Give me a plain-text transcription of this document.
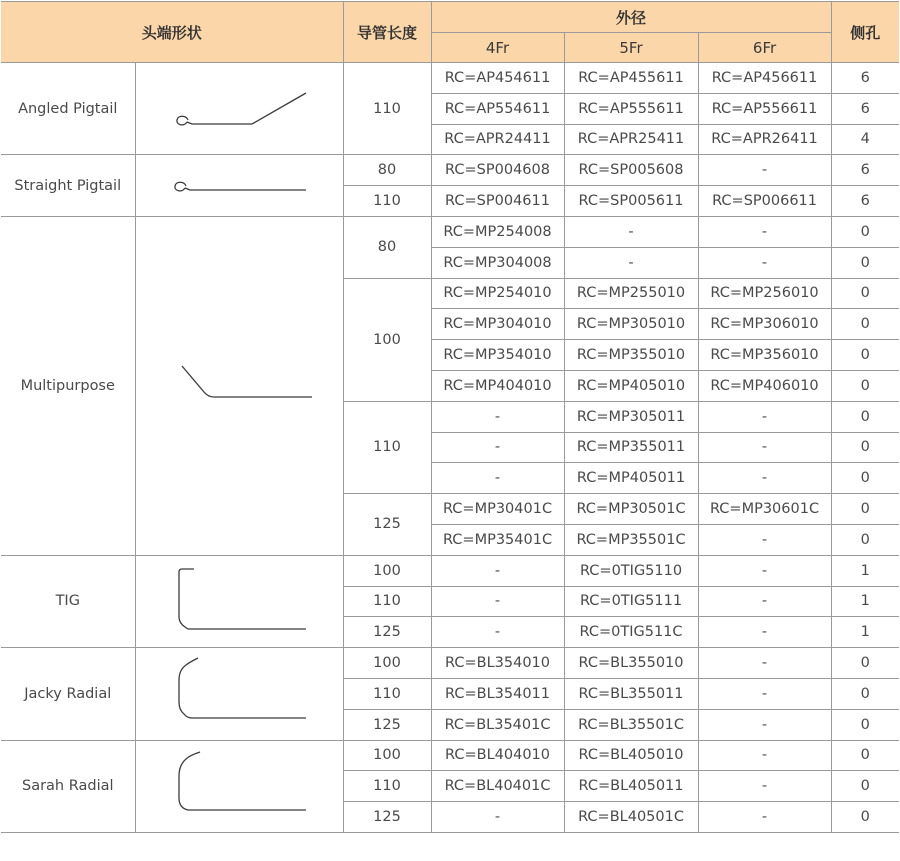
头端形状		导管长度	外径			侧孔
			4Fr	5Fr	6Fr	
Angled Pigtail		110	RC=AP454611	RC=AP455611	RC=AP456611	6
			RC=AP554611	RC=AP555611	RC=AP556611	6
			RC=APR24411	RC=APR25411	RC=APR26411	4
Straight Pigtail		80	RC=SP004608	RC=SP005608	-	6
		110	RC=SP004611	RC=SP005611	RC=SP006611	6
Multipurpose		80	RC=MP254008	-	-	0
			RC=MP304008	-	-	0
		100	RC=MP254010	RC=MP255010	RC=MP256010	0
			RC=MP304010	RC=MP305010	RC=MP306010	0
			RC=MP354010	RC=MP355010	RC=MP356010	0
			RC=MP404010	RC=MP405010	RC=MP406010	0
		110	-	RC=MP305011	-	0
			-	RC=MP355011	-	0
			-	RC=MP405011	-	0
		125	RC=MP30401C	RC=MP30501C	RC=MP30601C	0
			RC=MP35401C	RC=MP35501C	-	0
TIG		100	-	RC=0TIG5110	-	1
		110	-	RC=0TIG5111	-	1
		125	-	RC=0TIG511C	-	1
Jacky Radial		100	RC=BL354010	RC=BL355010	-	0
		110	RC=BL354011	RC=BL355011	-	0
		125	RC=BL35401C	RC=BL35501C	-	0
Sarah Radial		100	RC=BL404010	RC=BL405010	-	0
		110	RC=BL40401C	RC=BL405011	-	0
		125	-	RC=BL40501C	-	0
